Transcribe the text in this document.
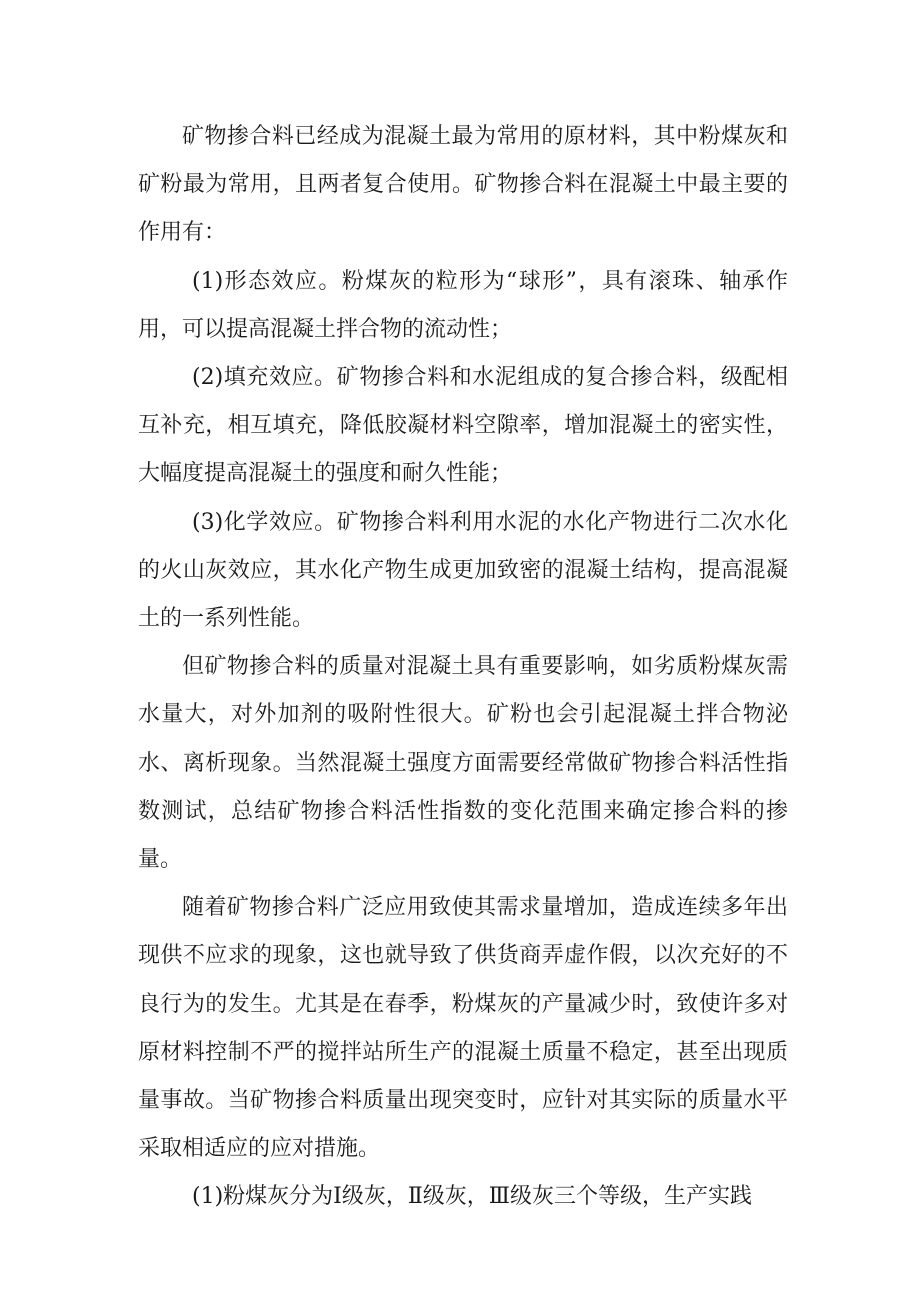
矿物掺合料已经成为混凝土最为常用的原材料，其中粉煤灰和矿粉最为常用，且两者复合使用。矿物掺合料在混凝土中最主要的作用有：

(1)形态效应。粉煤灰的粒形为“球形”，具有滚珠、轴承作用，可以提高混凝土拌合物的流动性；

(2)填充效应。矿物掺合料和水泥组成的复合掺合料，级配相互补充，相互填充，降低胶凝材料空隙率，增加混凝土的密实性，大幅度提高混凝土的强度和耐久性能；

(3)化学效应。矿物掺合料利用水泥的水化产物进行二次水化的火山灰效应，其水化产物生成更加致密的混凝土结构，提高混凝土的一系列性能。

但矿物掺合料的质量对混凝土具有重要影响，如劣质粉煤灰需水量大，对外加剂的吸附性很大。矿粉也会引起混凝土拌合物泌水、离析现象。当然混凝土强度方面需要经常做矿物掺合料活性指数测试，总结矿物掺合料活性指数的变化范围来确定掺合料的掺量。

随着矿物掺合料广泛应用致使其需求量增加，造成连续多年出现供不应求的现象，这也就导致了供货商弄虚作假，以次充好的不良行为的发生。尤其是在春季，粉煤灰的产量减少时，致使许多对原材料控制不严的搅拌站所生产的混凝土质量不稳定，甚至出现质量事故。当矿物掺合料质量出现突变时，应针对其实际的质量水平采取相适应的应对措施。

(1)粉煤灰分为Ⅰ级灰，Ⅱ级灰，Ⅲ级灰三个等级，生产实践
